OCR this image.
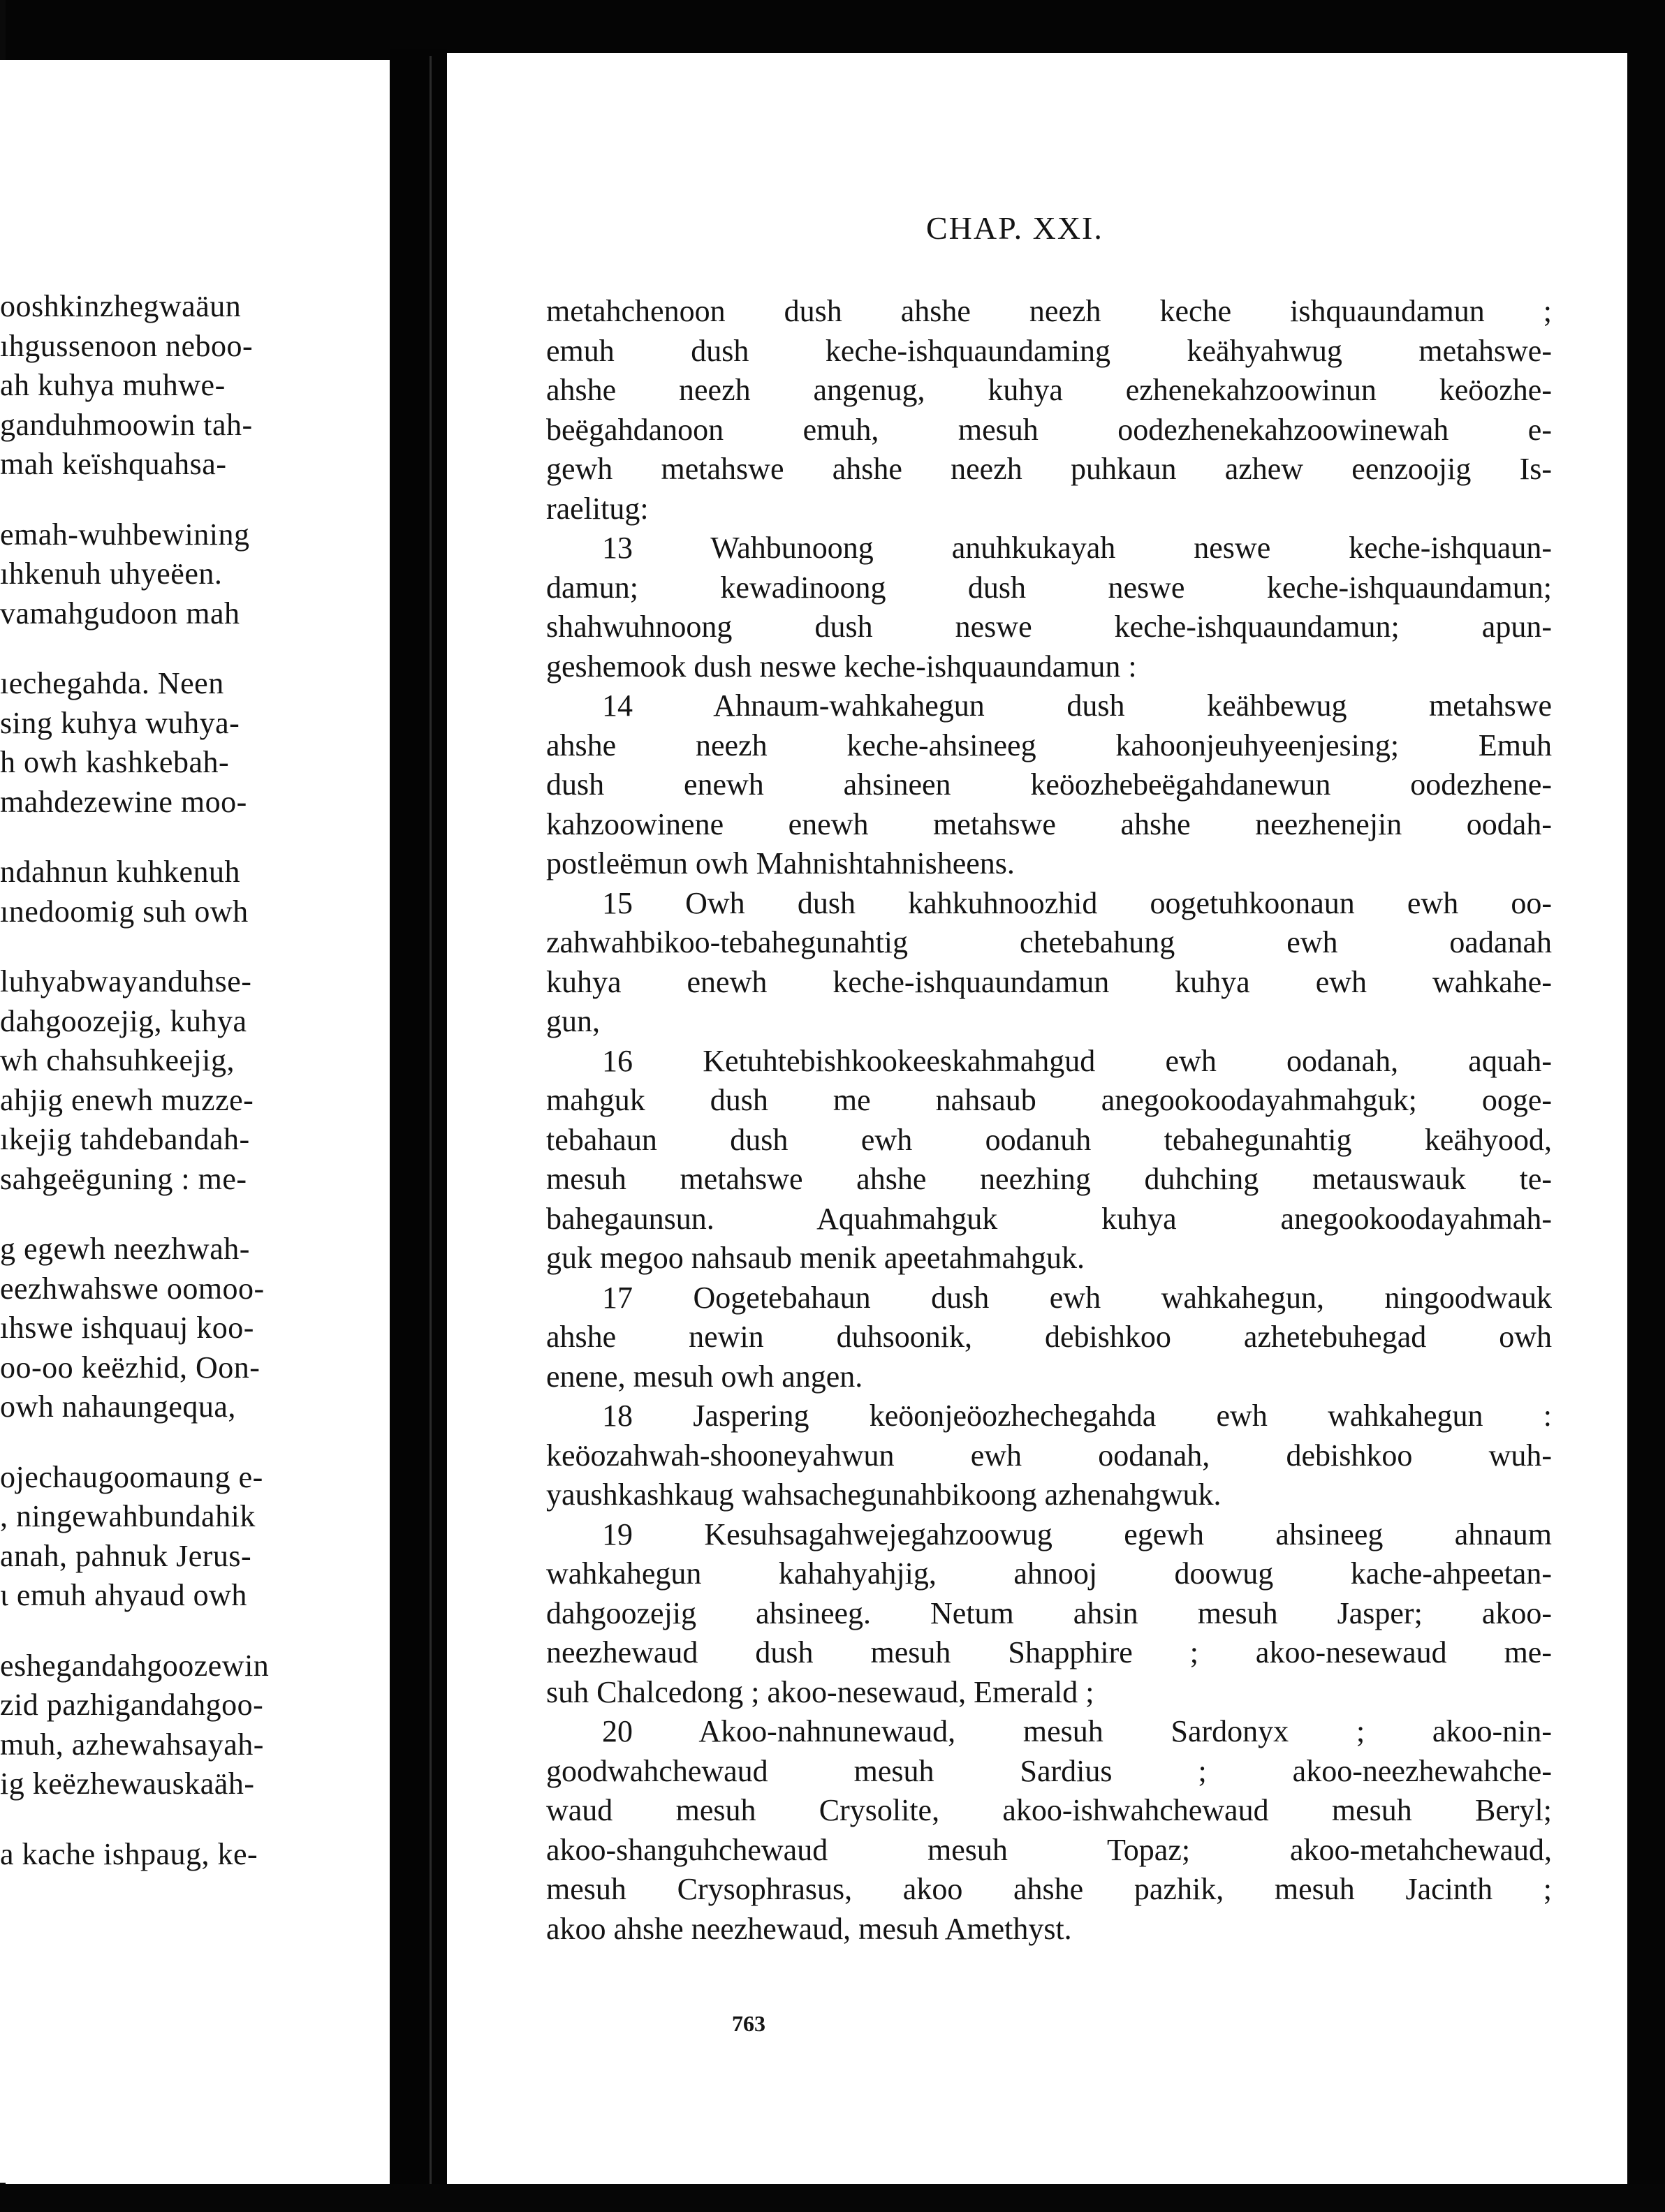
ooshkinzhegwaäun
ıhgussenoon neboo-
ah kuhya muhwe-
ganduhmoowin tah-
mah keïshquahsa-
emah-wuhbewining
ıhkenuh uhyeëen.
vamahgudoon mah
ıechegahda. Neen
sing kuhya wuhya-
h owh kashkebah-
mahdezewine moo-
ndahnun kuhkenuh
ınedoomig suh owh
luhyabwayanduhse-
dahgoozejig, kuhya
wh chahsuhkeejig,
ahjig enewh muzze-
ıkejig tahdebandah-
sahgeëguning : me-
g egewh neezhwah-
eezhwahswe oomoo-
ıhswe ishquauj koo-
oo-oo keëzhid, Oon-
owh nahaungequa,
ojechaugoomaung e-
, ningewahbundahik
anah, pahnuk Jerus-
ι emuh ahyaud owh
eshegandahgoozewin
zid pazhigandahgoo-
muh, azhewahsayah-
ig keëzhewauskaäh-
a kache ishpaug, ke-
CHAP. XXI.
metahchenoon dush ahshe neezh keche ishquaundamun ;
emuh dush keche-ishquaundaming keähyahwug metahswe-
ahshe neezh angenug, kuhya ezhenekahzoowinun keöozhe-
beëgahdanoon emuh, mesuh oodezhenekahzoowinewah e-
gewh metahswe ahshe neezh puhkaun azhew eenzoojig Is-
raelitug:
13 Wahbunoong anuhkukayah neswe keche-ishquaun-
damun; kewadinoong dush neswe keche-ishquaundamun;
shahwuhnoong dush neswe keche-ishquaundamun; apun-
geshemook dush neswe keche-ishquaundamun :
14 Ahnaum-wahkahegun dush keähbewug metahswe
ahshe neezh keche-ahsineeg kahoonjeuhyeenjesing; Emuh
dush enewh ahsineen keöozhebeëgahdanewun oodezhene-
kahzoowinene enewh metahswe ahshe neezhenejin oodah-
postleëmun owh Mahnishtahnisheens.
15 Owh dush kahkuhnoozhid oogetuhkoonaun ewh oo-
zahwahbikoo-tebahegunahtig chetebahung ewh oadanah
kuhya enewh keche-ishquaundamun kuhya ewh wahkahe-
gun,
16 Ketuhtebishkookeeskahmahgud ewh oodanah, aquah-
mahguk dush me nahsaub anegookoodayahmahguk; ooge-
tebahaun dush ewh oodanuh tebahegunahtig keähyood,
mesuh metahswe ahshe neezhing duhching metauswauk te-
bahegaunsun. Aquahmahguk kuhya anegookoodayahmah-
guk megoo nahsaub menik apeetahmahguk.
17 Oogetebahaun dush ewh wahkahegun, ningoodwauk
ahshe newin duhsoonik, debishkoo azhetebuhegad owh
enene, mesuh owh angen.
18 Jaspering keöonjeöozhechegahda ewh wahkahegun :
keöozahwah-shooneyahwun ewh oodanah, debishkoo wuh-
yaushkashkaug wahsachegunahbikoong azhenahgwuk.
19 Kesuhsagahwejegahzoowug egewh ahsineeg ahnaum
wahkahegun kahahyahjig, ahnooj doowug kache-ahpeetan-
dahgoozejig ahsineeg. Netum ahsin mesuh Jasper; akoo-
neezhewaud dush mesuh Shapphire ; akoo-nesewaud me-
suh Chalcedong ; akoo-nesewaud, Emerald ;
20 Akoo-nahnunewaud, mesuh Sardonyx ; akoo-nin-
goodwahchewaud mesuh Sardius ; akoo-neezhewahche-
waud mesuh Crysolite, akoo-ishwahchewaud mesuh Beryl;
akoo-shanguhchewaud mesuh Topaz; akoo-metahchewaud,
mesuh Crysophrasus, akoo ahshe pazhik, mesuh Jacinth ;
akoo ahshe neezhewaud, mesuh Amethyst.
763
